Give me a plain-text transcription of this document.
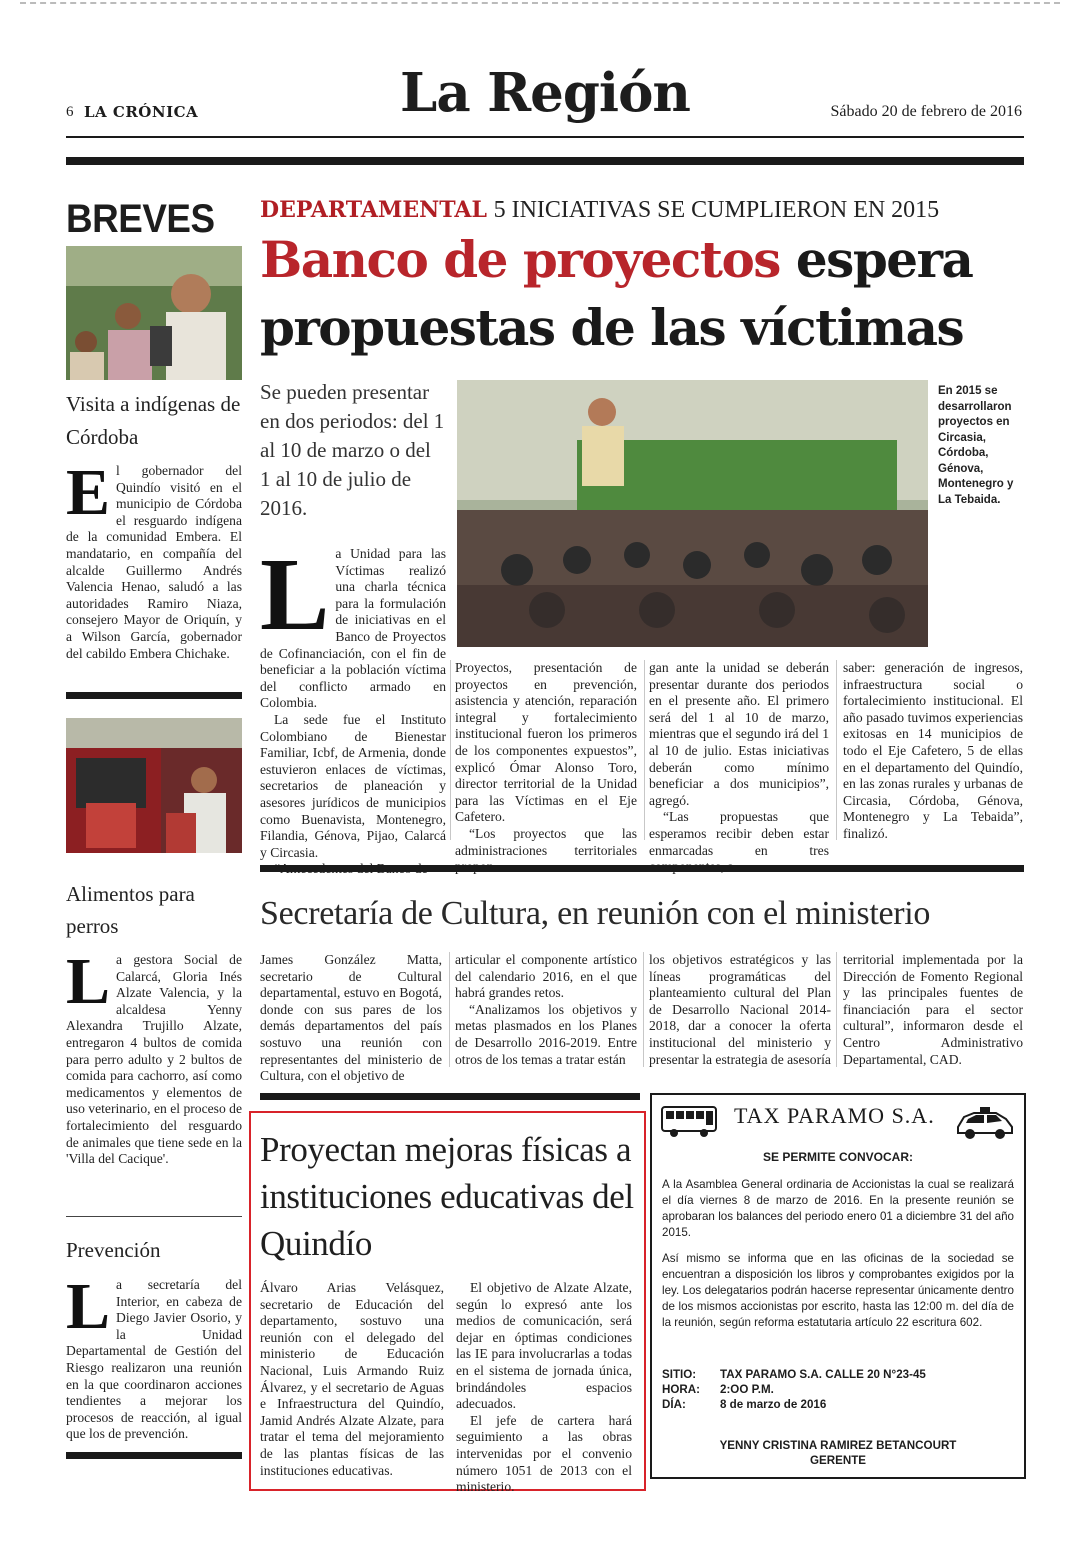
6 LA CRÓNICA	La Región	Sábado 20 de febrero de 2016
BREVES
Visita a indígenas de Córdoba
El gobernador del Quindío visitó en el municipio de Córdoba el resguardo indígena de la comunidad Embera. El mandatario, en compañía del alcalde Guillermo Andrés Valencia Henao, saludó a las autoridades Ramiro Niaza, consejero Mayor de Oriquín, y a Wilson García, gobernador del cabildo Embera Chichake.
Alimentos para perros
La gestora Social de Calarcá, Gloria Inés Alzate Valencia, y la alcaldesa Yenny Alexandra Trujillo Alzate, entregaron 4 bultos de comida para perro adulto y 2 bultos de comida para cachorro, así como medicamentos y elementos de uso veterinario, en el proceso de fortalecimiento del resguardo de animales que tiene sede en la 'Villa del Cacique'.
Prevención
La secretaría del Interior, en cabeza de Diego Javier Osorio, y la Unidad Departamental de Gestión del Riesgo realizaron una reunión en la que coordinaron acciones tendientes a mejorar los procesos de reacción, al igual que los de prevención.
DEPARTAMENTAL 5 INICIATIVAS SE CUMPLIERON EN 2015
Banco de proyectos espera
propuestas de las víctimas
Se pueden presentar en dos periodos: del 1 al 10 de marzo o del 1 al 10 de julio de 2016.
En 2015 se desarrollaron proyectos en Circasia, Córdoba, Génova, Montenegro y La Tebaida.
La Unidad para las Víctimas realizó una charla técnica para la formulación de iniciativas en el Banco de Proyectos de Cofinanciación, con el fin de beneficiar a la población víctima del conflicto armado en Colombia.

La sede fue el Instituto Colombiano de Bienestar Familiar, Icbf, de Armenia, donde estuvieron enlaces de víctimas, secretarios de planeación y asesores jurídicos de municipios como Buenavista, Montenegro, Filandia, Génova, Pijao, Calarcá y Circasia.

Proyectos, presentación de proyectos en prevención, asistencia y atención, reparación integral y fortalecimiento institucional fueron los primeros de los componentes expuestos”, explicó Ómar Alonso Toro, director territorial de la Unidad para las Víctimas en el Eje Cafetero.

“Los proyectos que las administraciones territoriales

gan ante la unidad se deberán presentar durante dos periodos en el presente año. El primero será del 1 al 10 de marzo, mientras que el segundo irá del 1 al 10 de julio. Estas iniciativas deberán como mínimo beneficiar a dos municipios”, agregó.

“Las propuestas que esperamos recibir deben estar enmarcadas en tres

saber: generación de ingresos, infraestructura social o fortalecimiento institucional. El año pasado tuvimos experiencias exitosas en 14 municipios de todo el Eje Cafetero, 5 de ellas en el departamento del Quindío, en las zonas rurales y urbanas de Circasia, Córdoba, Génova, Montenegro y La Tebaida”, finalizó.

Secretaría de Cultura, en reunión con el ministerio

James González Matta, secretario de Cultural departamental, estuvo en Bogotá, donde con sus pares de los demás departamentos del país sostuvo una reunión con representantes del ministerio de Cultura, con el objetivo de

articular el componente artístico del calendario 2016, en el que habrá grandes retos.

“Analizamos los objetivos y metas plasmados en los Planes de Desarrollo 2016-2019. Entre otros de los temas a tratar están

los objetivos estratégicos y las líneas programáticas del planteamiento cultural del Plan de Desarrollo Nacional 2014-2018, dar a conocer la oferta institucional del ministerio y presentar la estrategia de asesoría

territorial implementada por la Dirección de Fomento Regional y las principales fuentes de financiación para el sector cultural”, informaron desde el Centro Administrativo Departamental, CAD.

Proyectan mejoras físicas a instituciones educativas del Quindío

Álvaro Arias Velásquez, secretario de Educación del departamento, sostuvo una reunión con el delegado del ministerio de Educación Nacional, Luis Armando Ruiz Álvarez, y el secretario de Aguas e Infraestructura del Quindío, Jamid Andrés Alzate Alzate, para tratar el tema del mejoramiento de las plantas físicas de las instituciones educativas.

El objetivo de Alzate Alzate, según lo expresó ante los medios de comunicación, será dejar en óptimas condiciones las IE para involucrarlas a todas en el sistema de jornada única, brindándoles espacios adecuados.

El jefe de cartera hará seguimiento a las obras intervenidas por el convenio número 1051 de 2013 con el ministerio.

TAX PARAMO S.A.
SE PERMITE CONVOCAR:
A la Asamblea General ordinaria de Accionistas la cual se realizará el día viernes 8 de marzo de 2016. En la presente reunión se aprobaran los balances del periodo enero 01 a diciembre 31 del año 2015.
Así mismo se informa que en las oficinas de la sociedad se encuentran a disposición los libros y comprobantes exigidos por la ley. Los delegatarios podrán hacerse representar únicamente dentro de los mismos accionistas por escrito, hasta las 12:00 m. del día de la reunión, según reforma estatutaria artículo 22 escritura 602.
SITIO: TAX PARAMO S.A. CALLE 20 N°23-45
HORA: 2:OO P.M.
DÍA:	8 de marzo de 2016
YENNY CRISTINA RAMIREZ BETANCOURT
GERENTE
